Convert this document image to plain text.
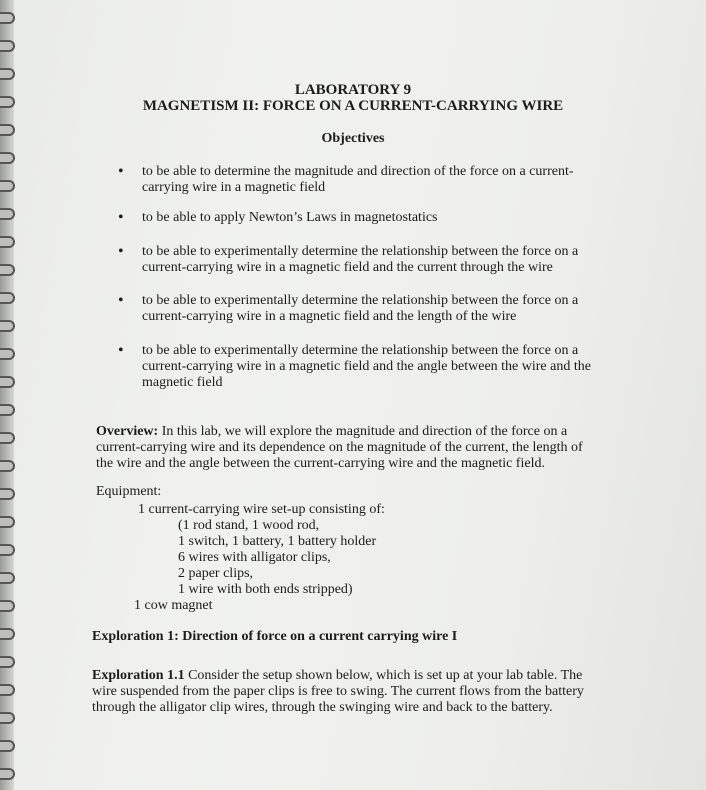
LABORATORY 9
MAGNETISM II: FORCE ON A CURRENT-CARRYING WIRE
Objectives
• to be able to determine the magnitude and direction of the force on a current-carrying wire in a magnetic field
• to be able to apply Newton’s Laws in magnetostatics
• to be able to experimentally determine the relationship between the force on a current-carrying wire in a magnetic field and the current through the wire
• to be able to experimentally determine the relationship between the force on a current-carrying wire in a magnetic field and the length of the wire
• to be able to experimentally determine the relationship between the force on a current-carrying wire in a magnetic field and the angle between the wire and the magnetic field
Overview: In this lab, we will explore the magnitude and direction of the force on a current-carrying wire and its dependence on the magnitude of the current, the length of the wire and the angle between the current-carrying wire and the magnetic field.
Equipment:
1 current-carrying wire set-up consisting of:
(1 rod stand, 1 wood rod,
1 switch, 1 battery, 1 battery holder
6 wires with alligator clips,
2 paper clips,
1 wire with both ends stripped)
1 cow magnet
Exploration 1: Direction of force on a current carrying wire I
Exploration 1.1 Consider the setup shown below, which is set up at your lab table. The wire suspended from the paper clips is free to swing. The current flows from the battery through the alligator clip wires, through the swinging wire and back to the battery.
